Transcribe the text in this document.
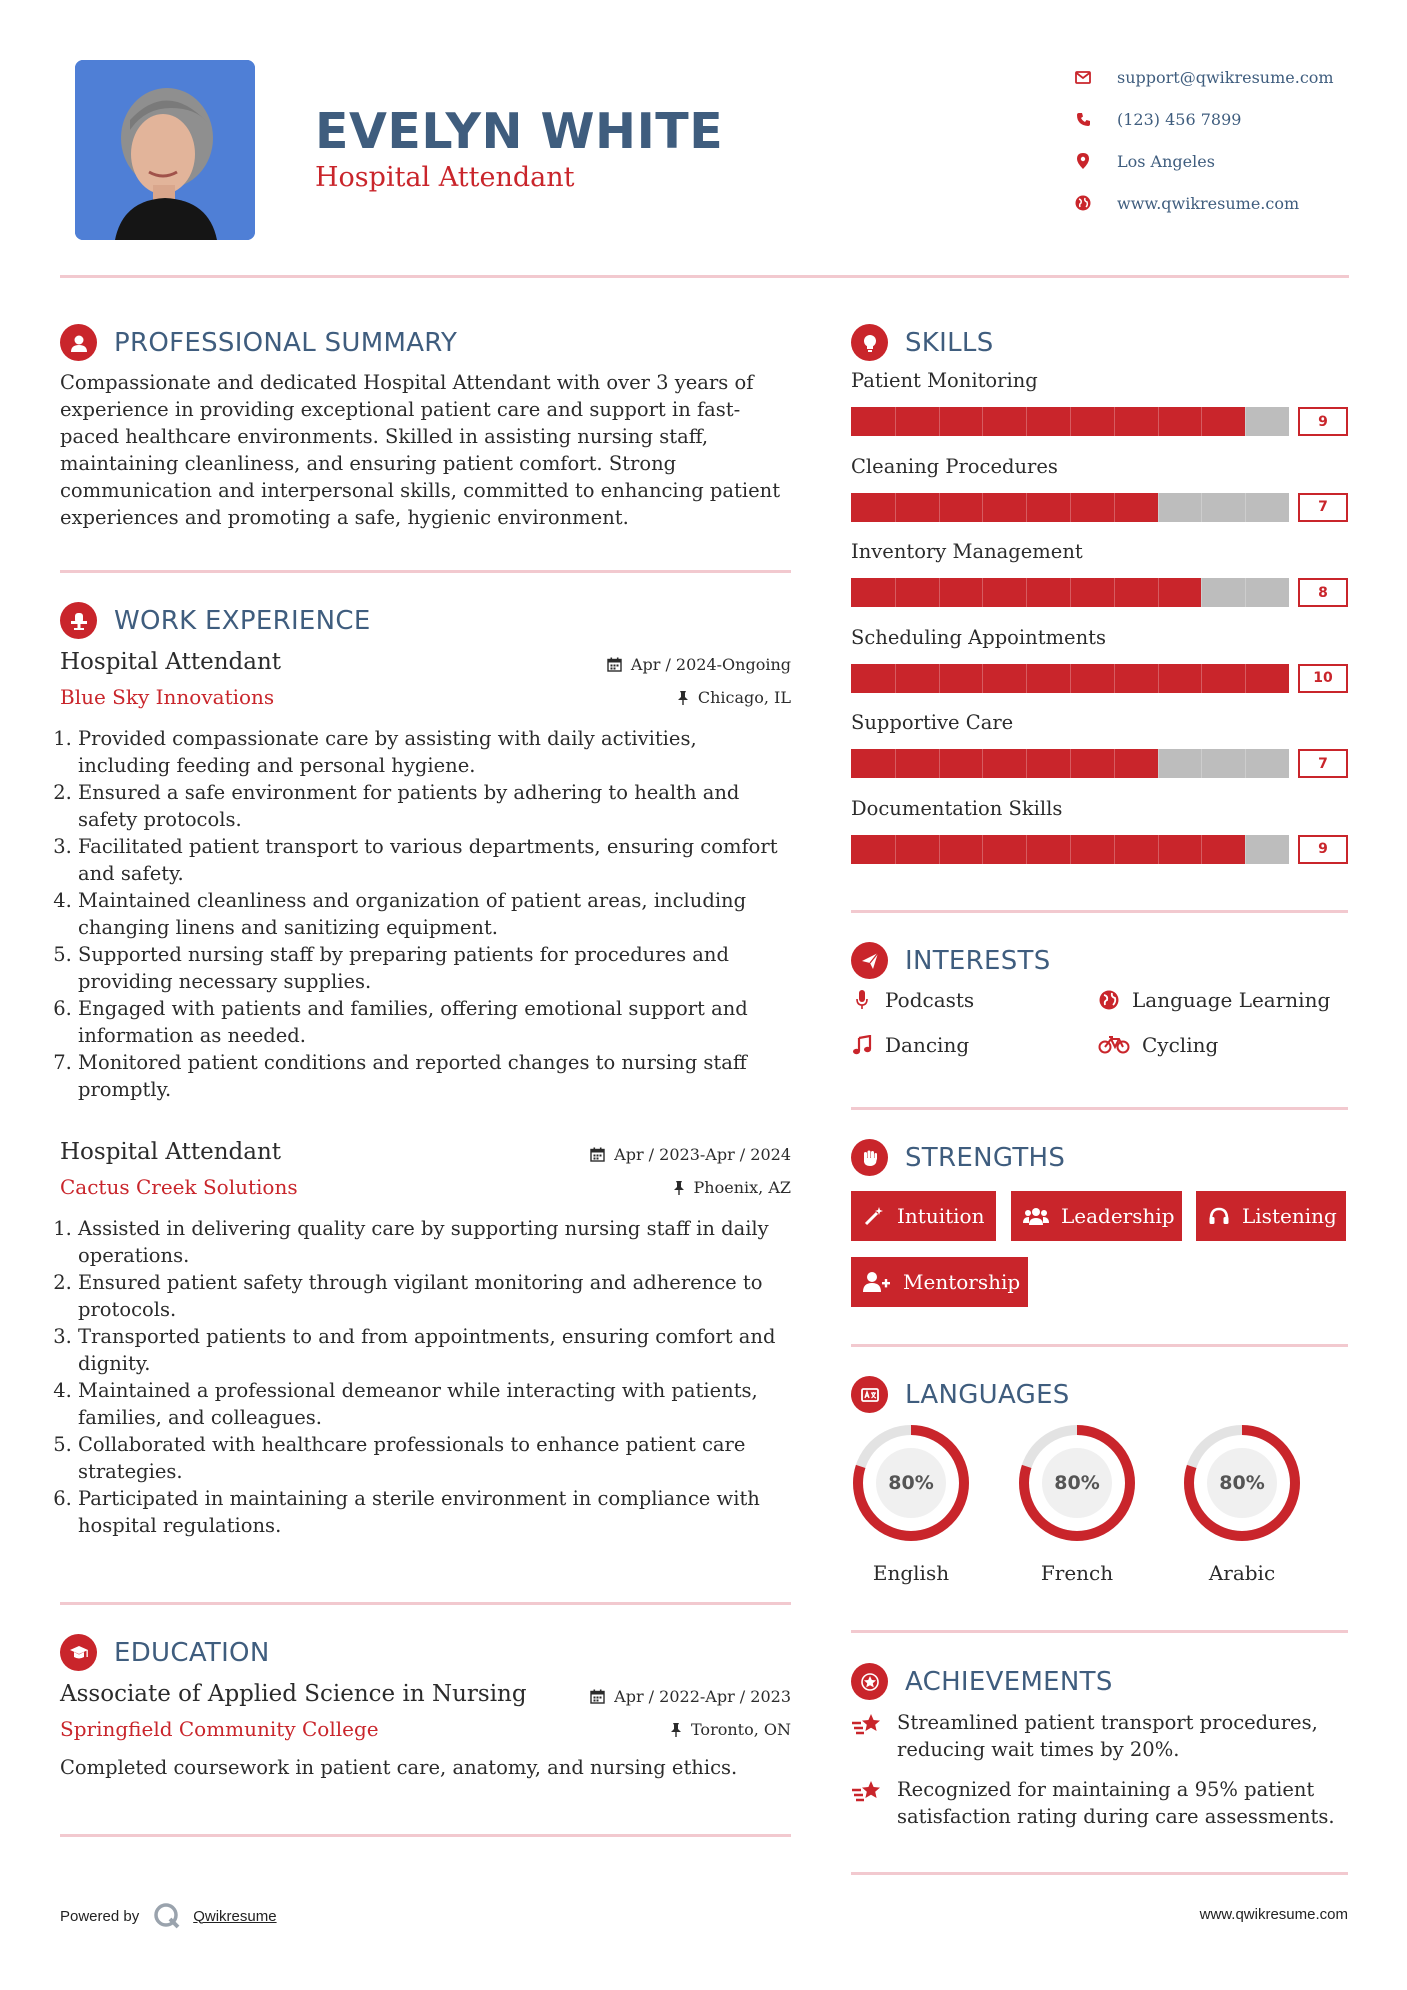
EVELYN WHITE
Hospital Attendant
support@qwikresume.com
(123) 456 7899
Los Angeles
www.qwikresume.com
PROFESSIONAL SUMMARY
Compassionate and dedicated Hospital Attendant with over 3 years of experience in providing exceptional patient care and support in fast-paced healthcare environments. Skilled in assisting nursing staff, maintaining cleanliness, and ensuring patient comfort. Strong communication and interpersonal skills, committed to enhancing patient experiences and promoting a safe, hygienic environment.
WORK EXPERIENCE
Hospital Attendant	Apr / 2024-Ongoing
Blue Sky Innovations	Chicago, IL
1. Provided compassionate care by assisting with daily activities, including feeding and personal hygiene.
2. Ensured a safe environment for patients by adhering to health and safety protocols.
3. Facilitated patient transport to various departments, ensuring comfort and safety.
4. Maintained cleanliness and organization of patient areas, including changing linens and sanitizing equipment.
5. Supported nursing staff by preparing patients for procedures and providing necessary supplies.
6. Engaged with patients and families, offering emotional support and information as needed.
7. Monitored patient conditions and reported changes to nursing staff promptly.
Hospital Attendant	Apr / 2023-Apr / 2024
Cactus Creek Solutions	Phoenix, AZ
1. Assisted in delivering quality care by supporting nursing staff in daily operations.
2. Ensured patient safety through vigilant monitoring and adherence to protocols.
3. Transported patients to and from appointments, ensuring comfort and dignity.
4. Maintained a professional demeanor while interacting with patients, families, and colleagues.
5. Collaborated with healthcare professionals to enhance patient care strategies.
6. Participated in maintaining a sterile environment in compliance with hospital regulations.
EDUCATION
Associate of Applied Science in Nursing	Apr / 2022-Apr / 2023
Springfield Community College	Toronto, ON
Completed coursework in patient care, anatomy, and nursing ethics.
SKILLS
Patient Monitoring
9
Cleaning Procedures
7
Inventory Management
8
Scheduling Appointments
10
Supportive Care
7
Documentation Skills
9
INTERESTS
Podcasts	Language Learning
Dancing	Cycling
STRENGTHS
Intuition	Leadership	Listening
Mentorship
LANGUAGES
80%
English
80%
French
80%
Arabic
ACHIEVEMENTS
Streamlined patient transport procedures, reducing wait times by 20%.
Recognized for maintaining a 95% patient satisfaction rating during care assessments.
Powered by	Qwikresume	www.qwikresume.com
